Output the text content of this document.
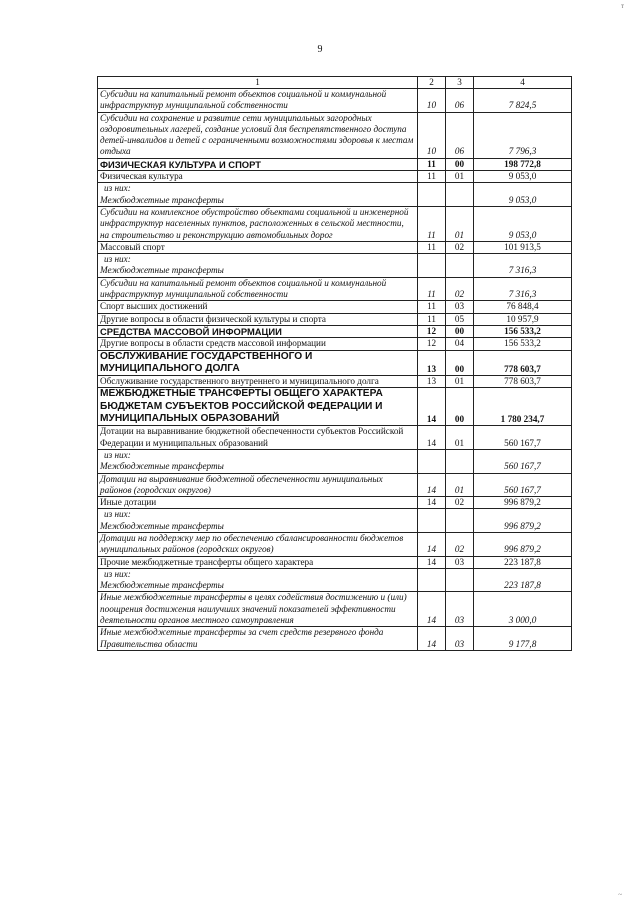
т
9
1	2	3	4
Субсидии на капитальный ремонт объектов социальной и коммунальной инфраструктур муниципальной собственности	10	06	7 824,5
Субсидии на сохранение и развитие сети муниципальных загородных оздоровительных лагерей, создание условий для беспрепятственного доступа детей-инвалидов и детей с ограниченными возможностями здоровья к местам отдыха	10	06	7 796,3
ФИЗИЧЕСКАЯ КУЛЬТУРА И СПОРТ	11	00	198 772,8
Физическая культура	11	01	9 053,0
из них:
Межбюджетные трансферты			9 053,0
Субсидии на комплексное обустройство объектами социальной и инженерной инфраструктур населенных пунктов, расположенных в сельской местности, на строительство и реконструкцию автомобильных дорог	11	01	9 053,0
Массовый спорт	11	02	101 913,5
из них:
Межбюджетные трансферты			7 316,3
Субсидии на капитальный ремонт объектов социальной и коммунальной инфраструктур муниципальной собственности	11	02	7 316,3
Спорт высших достижений	11	03	76 848,4
Другие вопросы в области физической культуры и спорта	11	05	10 957,9
СРЕДСТВА МАССОВОЙ ИНФОРМАЦИИ	12	00	156 533,2
Другие вопросы в области средств массовой информации	12	04	156 533,2
ОБСЛУЖИВАНИЕ ГОСУДАРСТВЕННОГО И МУНИЦИПАЛЬНОГО ДОЛГА	13	00	778 603,7
Обслуживание государственного внутреннего и муниципального долга	13	01	778 603,7
МЕЖБЮДЖЕТНЫЕ ТРАНСФЕРТЫ ОБЩЕГО ХАРАКТЕРА БЮДЖЕТАМ СУБЪЕКТОВ РОССИЙСКОЙ ФЕДЕРАЦИИ И МУНИЦИПАЛЬНЫХ ОБРАЗОВАНИЙ	14	00	1 780 234,7
Дотации на выравнивание бюджетной обеспеченности субъектов Российской Федерации и муниципальных образований	14	01	560 167,7
из них:
Межбюджетные трансферты			560 167,7
Дотации на выравнивание бюджетной обеспеченности муниципальных районов (городских округов)	14	01	560 167,7
Иные дотации	14	02	996 879,2
из них:
Межбюджетные трансферты			996 879,2
Дотации на поддержку мер по обеспечению сбалансированности бюджетов муниципальных районов (городских округов)	14	02	996 879,2
Прочие межбюджетные трансферты общего характера	14	03	223 187,8
из них:
Межбюджетные трансферты			223 187,8
Иные межбюджетные трансферты в целях содействия достижению и (или) поощрения достижения наилучших значений показателей эффективности деятельности органов местного самоуправления	14	03	3 000,0
Иные межбюджетные трансферты за счет средств резервного фонда Правительства области	14	03	9 177,8
~
